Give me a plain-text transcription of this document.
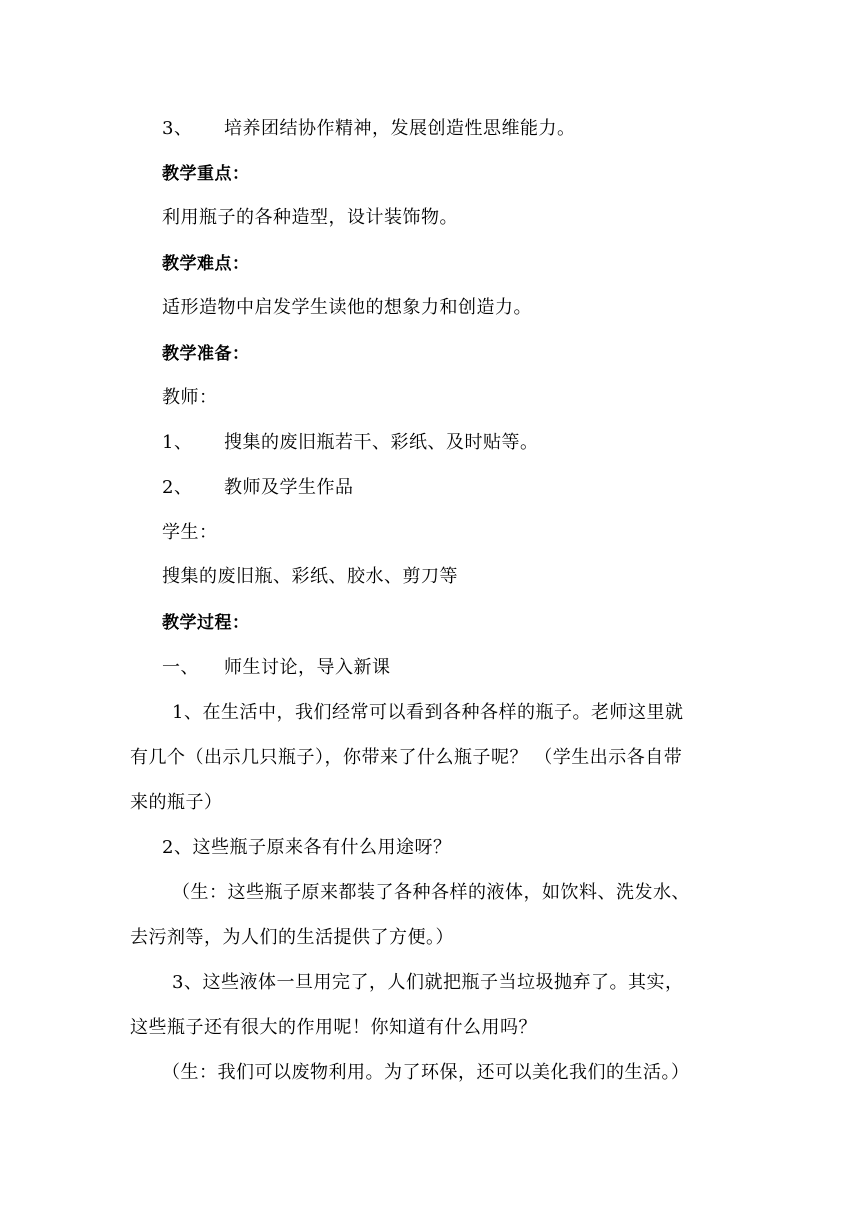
3、 培养团结协作精神，发展创造性思维能力。
教学重点：
利用瓶子的各种造型，设计装饰物。
教学难点：
适形造物中启发学生读他的想象力和创造力。
教学准备：
教师：
1、 搜集的废旧瓶若干、彩纸、及时贴等。
2、 教师及学生作品
学生：
搜集的废旧瓶、彩纸、胶水、剪刀等
教学过程：
一、 师生讨论，导入新课
1、在生活中，我们经常可以看到各种各样的瓶子。老师这里就
有几个（出示几只瓶子），你带来了什么瓶子呢？ （学生出示各自带
来的瓶子）
2、这些瓶子原来各有什么用途呀？
（生：这些瓶子原来都装了各种各样的液体，如饮料、洗发水、
去污剂等，为人们的生活提供了方便。）
3、这些液体一旦用完了，人们就把瓶子当垃圾抛弃了。其实，
这些瓶子还有很大的作用呢！你知道有什么用吗？
（生：我们可以废物利用。为了环保，还可以美化我们的生活。）
